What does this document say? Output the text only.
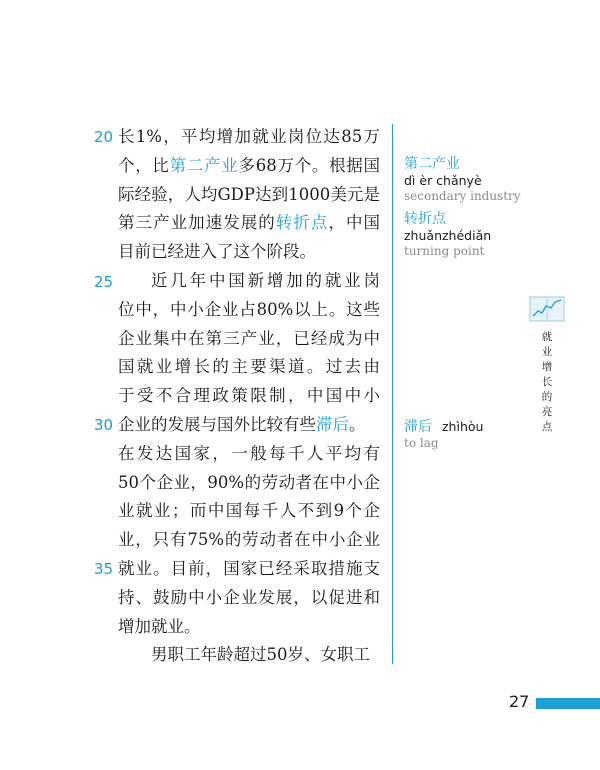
长1%，平均增加就业岗位达85万
个，比第二产业多68万个。根据国
际经验，人均GDP达到1000美元是
第三产业加速发展的转折点，中国
目前已经进入了这个阶段。
近几年中国新增加的就业岗
位中，中小企业占80%以上。这些
企业集中在第三产业，已经成为中
国就业增长的主要渠道。过去由
于受不合理政策限制，中国中小
企业的发展与国外比较有些滞后。
在发达国家，一般每千人平均有
50个企业，90%的劳动者在中小企
业就业；而中国每千人不到9个企
业，只有75%的劳动者在中小企业
就业。目前，国家已经采取措施支
持、鼓励中小企业发展，以促进和
增加就业。
男职工年龄超过50岁、女职工
20
25
30
35
第二产业
dì èr chǎnyè
secondary industry
转折点
zhuǎnzhédiǎn
turning point
滞后 zhìhòu
to lag
就业增长的亮点
27
